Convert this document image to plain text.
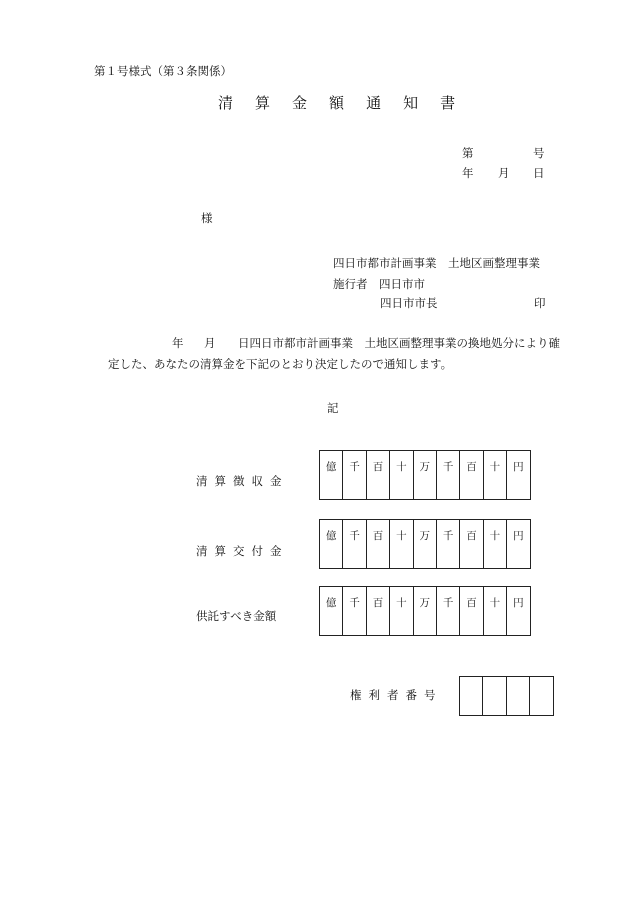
第１号様式（第３条関係）
清 算 金 額 通 知 書
第	号
年 月 日
様
四日市都市計画事業　土地区画整理事業
施行者　四日市市
四日市市長	印
年 月 日四日市都市計画事業　土地区画整理事業の換地処分により確
定した、あなたの清算金を下記のとおり決定したので通知します。
記
清 算 徴 収 金
億	千	百	十	万	千	百	十	円
清 算 交 付 金
億	千	百	十	万	千	百	十	円
供託すべき金額
億	千	百	十	万	千	百	十	円
権 利 者 番 号
